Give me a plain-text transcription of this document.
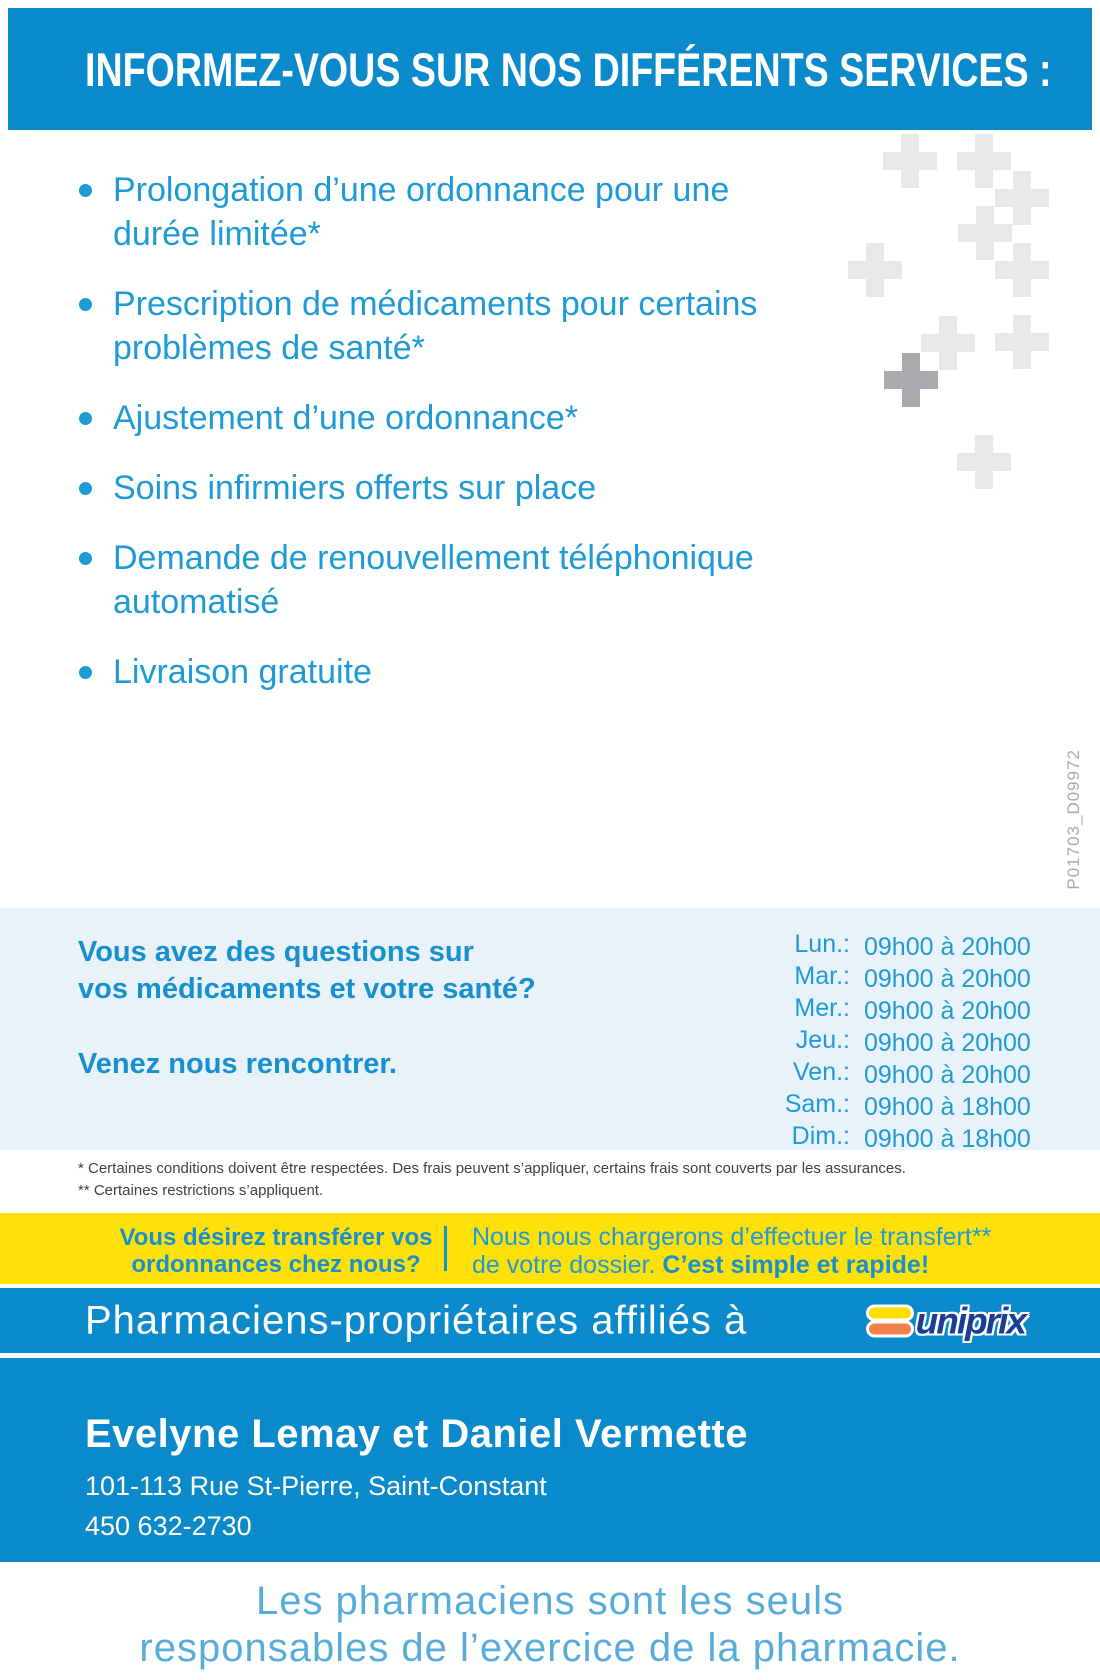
INFORMEZ-VOUS SUR NOS DIFFÉRENTS SERVICES :
Prolongation d’une ordonnance pour une durée limitée*
Prescription de médicaments pour certains problèmes de santé*
Ajustement d’une ordonnance*
Soins infirmiers offerts sur place
Demande de renouvellement téléphonique automatisé
Livraison gratuite
P01703_D09972

Vous avez des questions sur
vos médicaments et votre santé?

Venez nous rencontrer.

Lun.: 09h00 à 20h00
Mar.: 09h00 à 20h00
Mer.: 09h00 à 20h00
Jeu.: 09h00 à 20h00
Ven.: 09h00 à 20h00
Sam.: 09h00 à 18h00
Dim.: 09h00 à 18h00

* Certaines conditions doivent être respectées. Des frais peuvent s’appliquer, certains frais sont couverts par les assurances.

** Certaines restrictions s’appliquent.

Vous désirez transférer vos
ordonnances chez nous?
Nous nous chargerons d’effectuer le transfert**
de votre dossier. C’est simple et rapide!

Pharmaciens-propriétaires affiliés à	uniprix
Evelyne Lemay et Daniel Vermette

101-113 Rue St-Pierre, Saint-Constant

450 632-2730

Les pharmaciens sont les seuls
responsables de l’exercice de la pharmacie.
